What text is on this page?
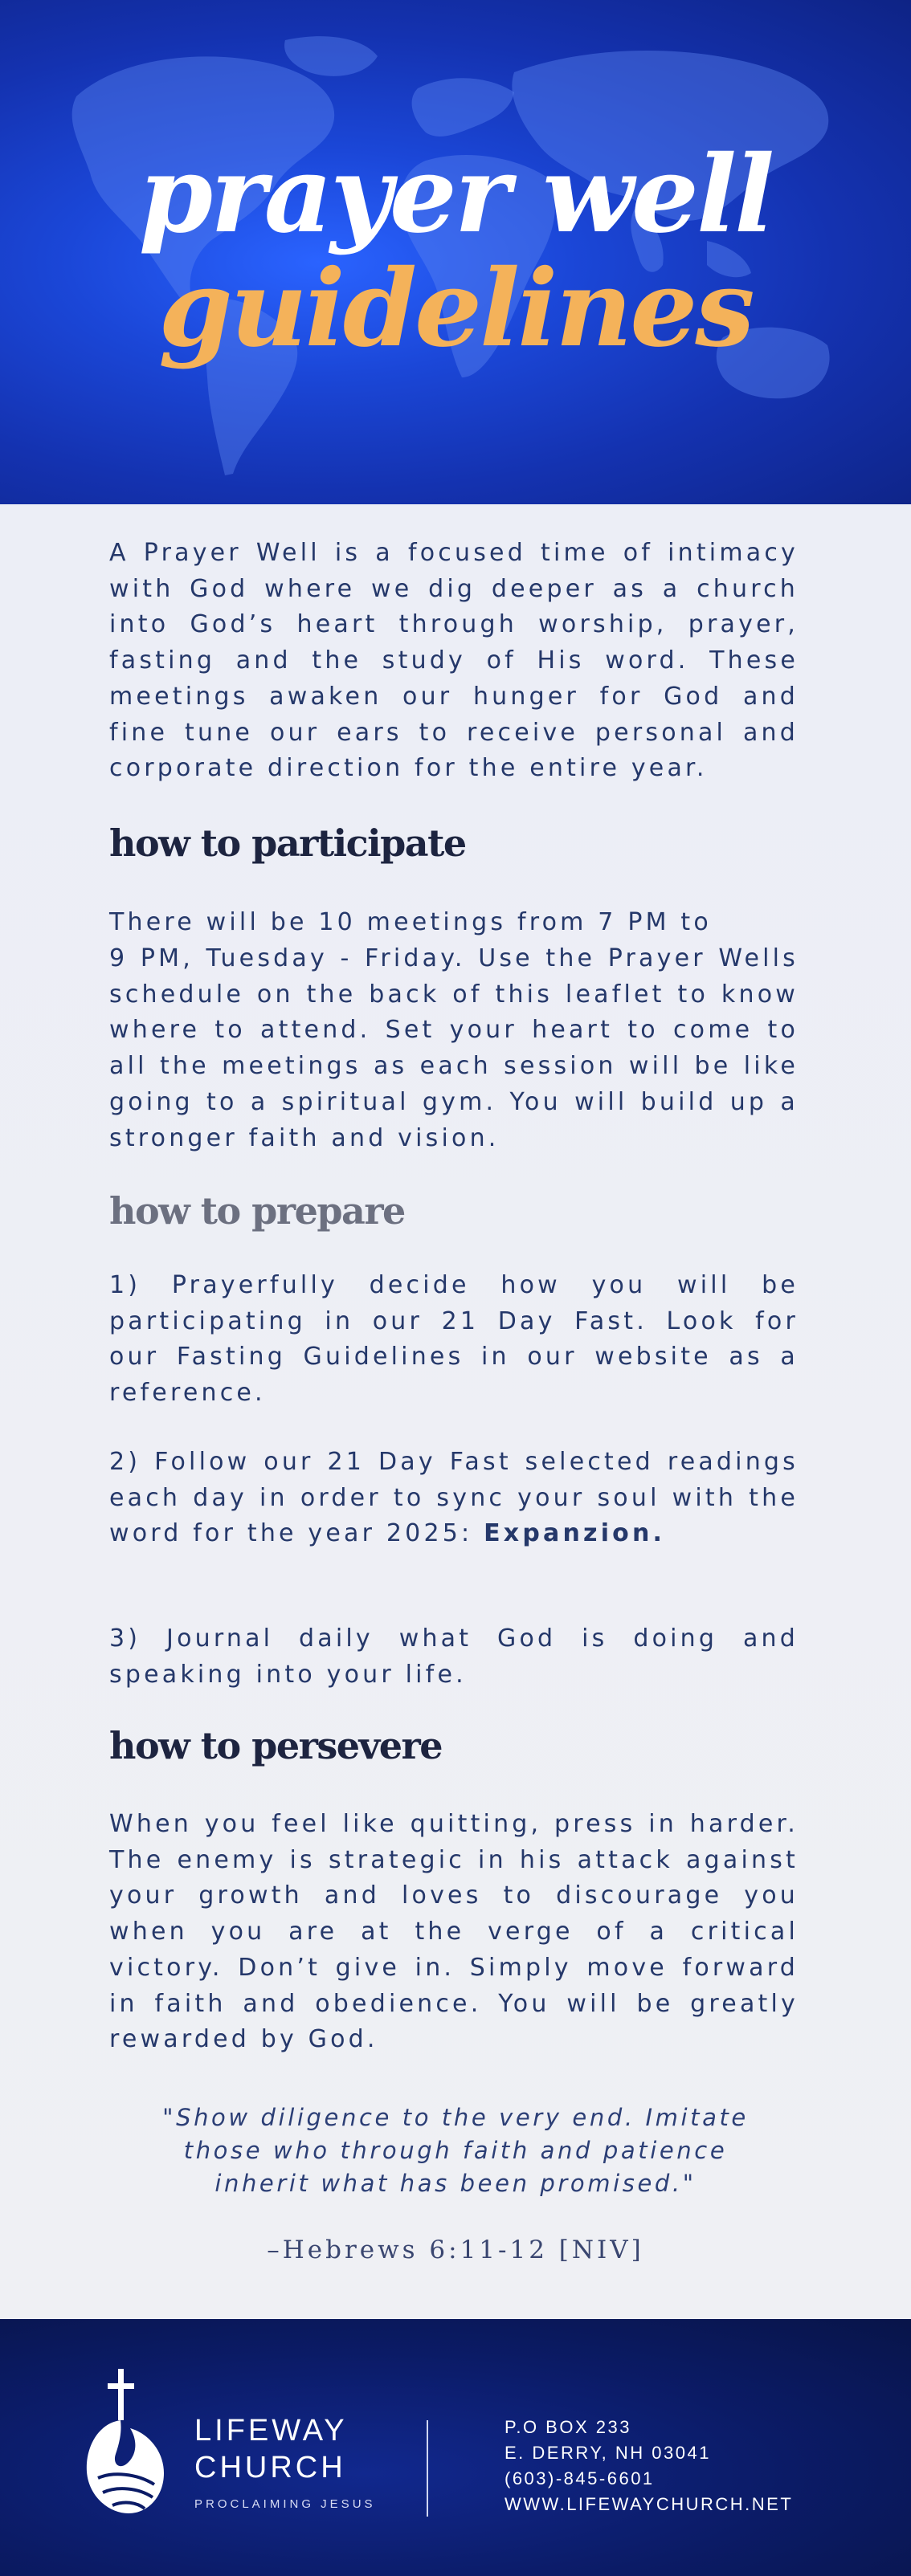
prayer well
guidelines
A Prayer Well is a focused time of intimacy with God where we dig deeper as a church into God’s heart through worship, prayer, fasting and the study of His word. These meetings awaken our hunger for God and fine tune our ears to receive personal and corporate direction for the entire year.
how to participate
There will be 10 meetings from 7 PM to
9 PM, Tuesday - Friday. Use the Prayer Wells schedule on the back of this leaflet to know where to attend. Set your heart to come to all the meetings as each session will be like going to a spiritual gym. You will build up a stronger faith and vision.
how to prepare
1) Prayerfully decide how you will be participating in our 21 Day Fast. Look for our Fasting Guidelines in our website as a reference.
2) Follow our 21 Day Fast selected readings each day in order to sync your soul with the word for the year 2025: Expanzion.
3) Journal daily what God is doing and speaking into your life.
how to persevere
When you feel like quitting, press in harder. The enemy is strategic in his attack against your growth and loves to discourage you when you are at the verge of a critical victory. Don’t give in. Simply move forward in faith and obedience. You will be greatly rewarded by God.
"Show diligence to the very end. Imitate
those who through faith and patience
inherit what has been promised."
–Hebrews 6:11-12 [NIV]
LIFEWAY
CHURCH
PROCLAIMING JESUS
P.O BOX 233
E. DERRY, NH 03041
(603)-845-6601
WWW.LIFEWAYCHURCH.NET
